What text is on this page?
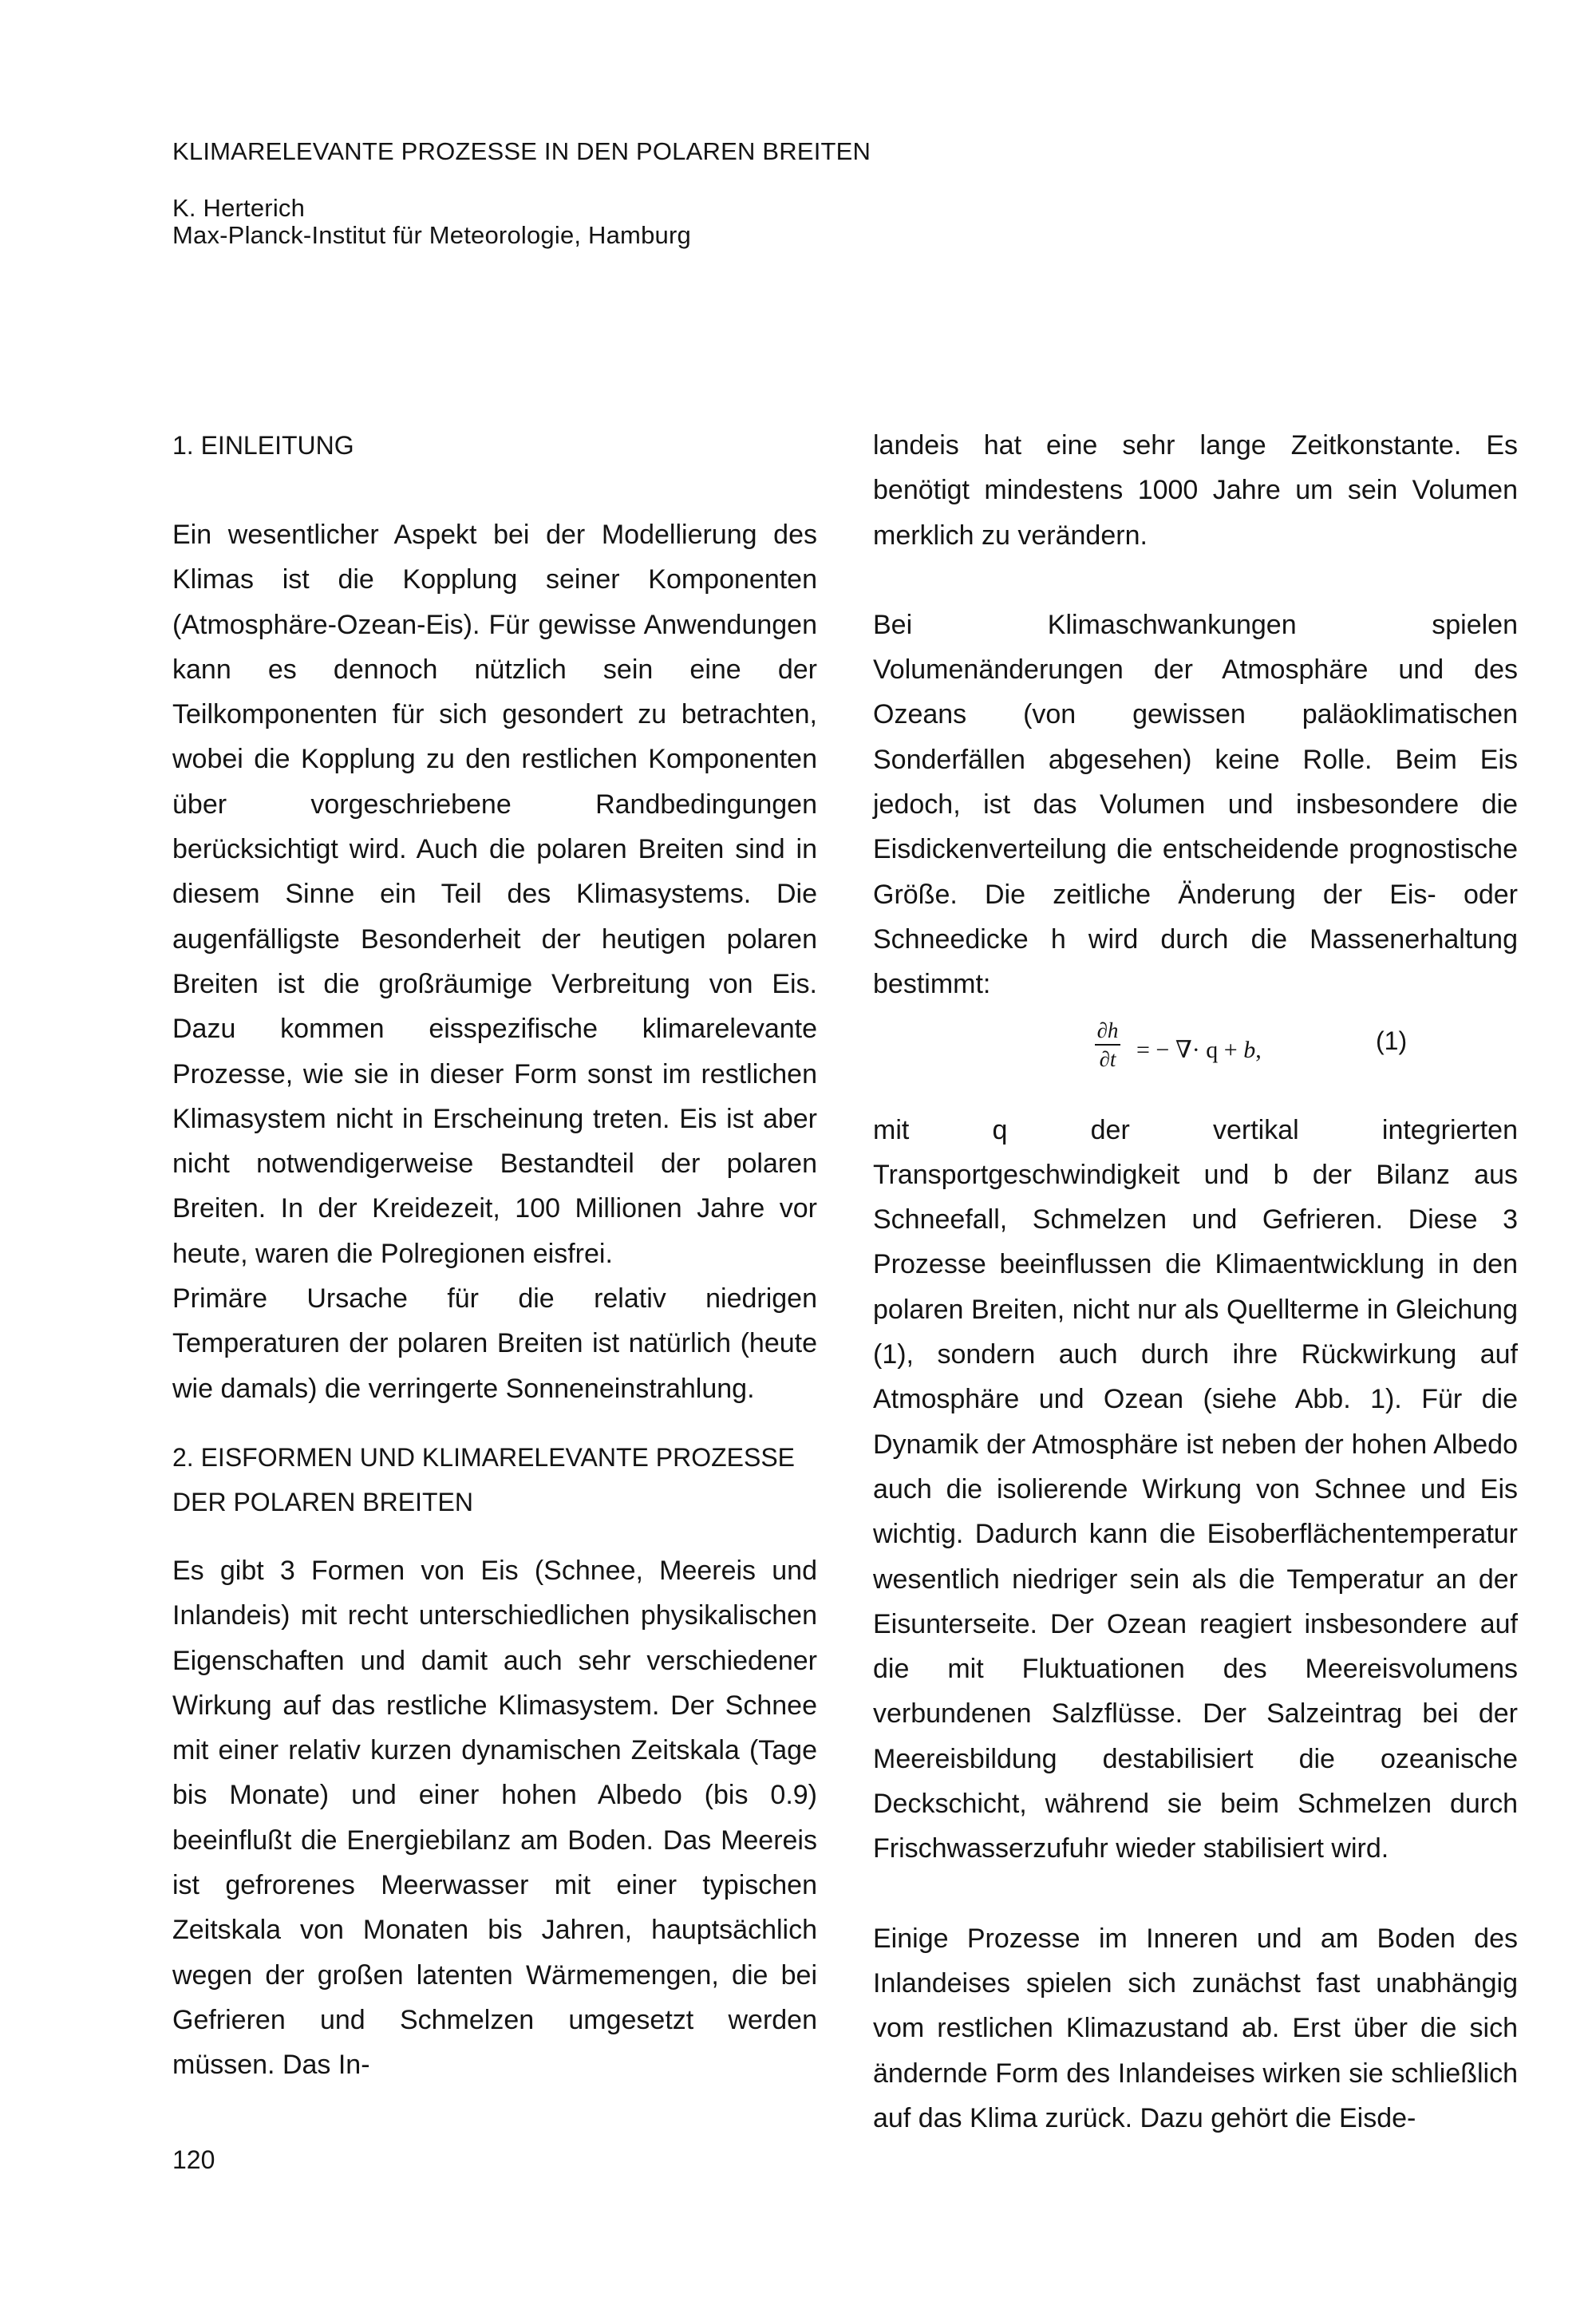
KLIMARELEVANTE PROZESSE IN DEN POLAREN BREITEN
K. Herterich
Max-Planck-Institut für Meteorologie, Hamburg

1. EINLEITUNG

Ein wesentlicher Aspekt bei der Modellierung des Klimas ist die Kopplung seiner Komponenten (Atmosphäre-Ozean-Eis). Für gewisse Anwendungen kann es dennoch nützlich sein eine der Teilkomponenten für sich gesondert zu betrachten, wobei die Kopplung zu den restlichen Komponenten über vorgeschriebene Randbedingungen berücksichtigt wird. Auch die polaren Breiten sind in diesem Sinne ein Teil des Klimasystems. Die augenfälligste Besonderheit der heutigen polaren Breiten ist die großräumige Verbreitung von Eis. Dazu kommen eisspezifische klimarelevante Prozesse, wie sie in dieser Form sonst im restlichen Klimasystem nicht in Erscheinung treten. Eis ist aber nicht notwendigerweise Bestandteil der polaren Breiten. In der Kreidezeit, 100 Millionen Jahre vor heute, waren die Polregionen eisfrei.

Primäre Ursache für die relativ niedrigen Temperaturen der polaren Breiten ist natürlich (heute wie damals) die verringerte Sonneneinstrahlung.

2. EISFORMEN UND KLIMARELEVANTE PROZESSE

DER POLAREN BREITEN

Es gibt 3 Formen von Eis (Schnee, Meereis und Inlandeis) mit recht unterschiedlichen physikalischen Eigenschaften und damit auch sehr verschiedener Wirkung auf das restliche Klimasystem. Der Schnee mit einer relativ kurzen dynamischen Zeitskala (Tage bis Monate) und einer hohen Albedo (bis 0.9) beeinflußt die Energiebilanz am Boden. Das Meereis ist gefrorenes Meerwasser mit einer typischen Zeitskala von Monaten bis Jahren, hauptsächlich wegen der großen latenten Wärmemengen, die bei Gefrieren und Schmelzen umgesetzt werden müssen. Das In-

landeis hat eine sehr lange Zeitkonstante. Es benötigt mindestens 1000 Jahre um sein Volumen merklich zu verändern.

Bei Klimaschwankungen spielen Volumenänderungen der Atmosphäre und des Ozeans (von gewissen paläoklimatischen Sonderfällen abgesehen) keine Rolle. Beim Eis jedoch, ist das Volumen und insbesondere die Eisdickenverteilung die entscheidende prognostische Größe. Die zeitliche Änderung der Eis- oder Schneedicke h wird durch die Massenerhaltung bestimmt:

∂h
∂t = − ∇· q + b,	(1)

mit q der vertikal integrierten Transportgeschwindigkeit und b der Bilanz aus Schneefall, Schmelzen und Gefrieren. Diese 3 Prozesse beeinflussen die Klimaentwicklung in den polaren Breiten, nicht nur als Quellterme in Gleichung (1), sondern auch durch ihre Rückwirkung auf Atmosphäre und Ozean (siehe Abb. 1). Für die Dynamik der Atmosphäre ist neben der hohen Albedo auch die isolierende Wirkung von Schnee und Eis wichtig. Dadurch kann die Eisoberflächentemperatur wesentlich niedriger sein als die Temperatur an der Eisunterseite. Der Ozean reagiert insbesondere auf die mit Fluktuationen des Meereisvolumens verbundenen Salzflüsse. Der Salzeintrag bei der Meereisbildung destabilisiert die ozeanische Deckschicht, während sie beim Schmelzen durch Frischwasserzufuhr wieder stabilisiert wird.

Einige Prozesse im Inneren und am Boden des Inlandeises spielen sich zunächst fast unabhängig vom restlichen Klimazustand ab. Erst über die sich ändernde Form des Inlandeises wirken sie schließlich auf das Klima zurück. Dazu gehört die Eisde-

120
